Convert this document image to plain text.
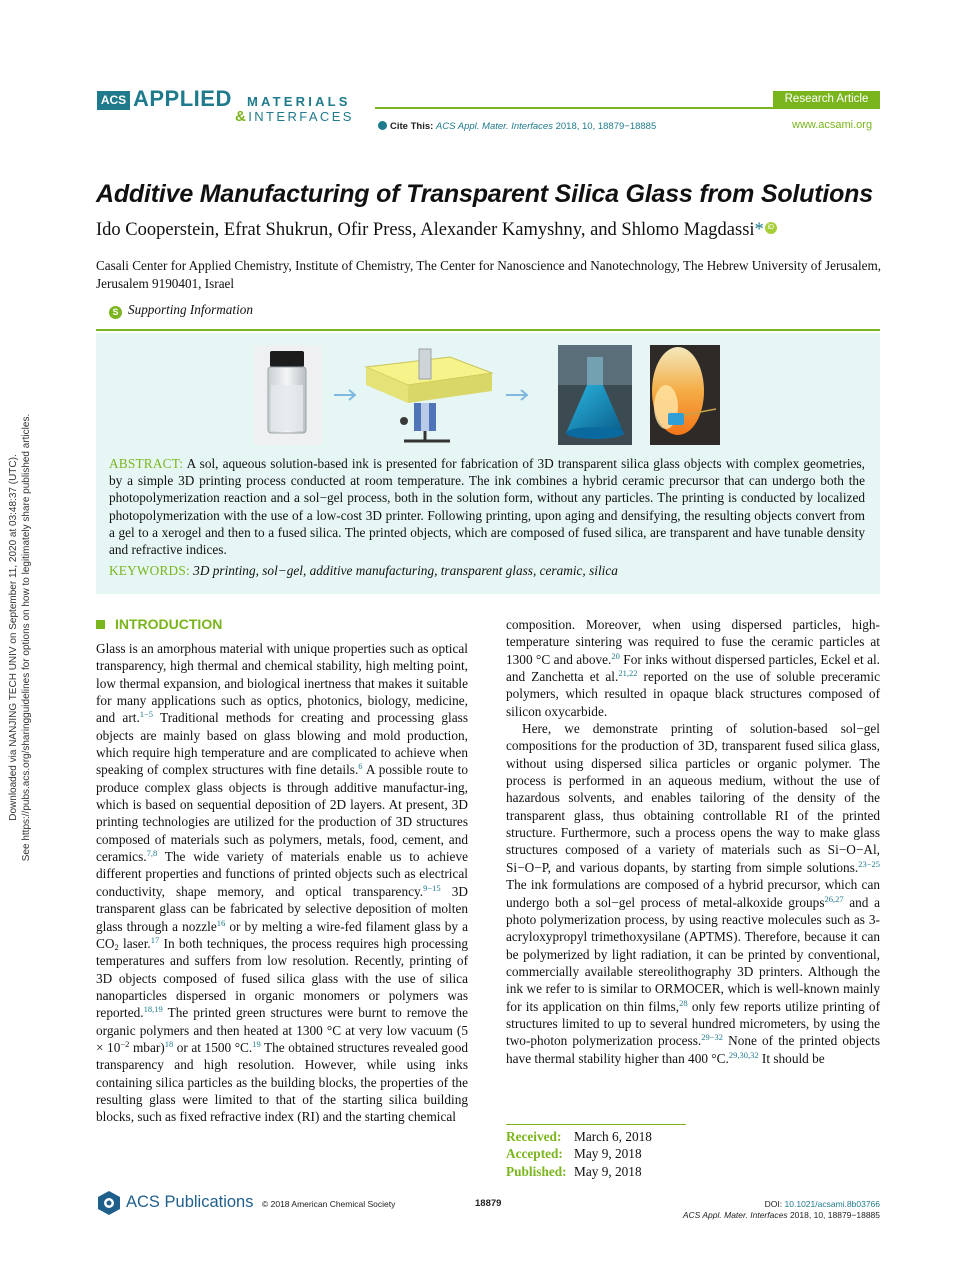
ACS APPLIED MATERIALS
&INTERFACES
Research Article
Cite This: ACS Appl. Mater. Interfaces 2018, 10, 18879−18885	www.acsami.org
Additive Manufacturing of Transparent Silica Glass from Solutions
Ido Cooperstein, Efrat Shukrun, Ofir Press, Alexander Kamyshny, and Shlomo Magdassi* iD
Casali Center for Applied Chemistry, Institute of Chemistry, The Center for Nanoscience and Nanotechnology, The Hebrew University of Jerusalem, Jerusalem 9190401, Israel
S Supporting Information
ABSTRACT: A sol, aqueous solution-based ink is presented for fabrication of 3D transparent silica glass objects with complex geometries, by a simple 3D printing process conducted at room temperature. The ink combines a hybrid ceramic precursor that can undergo both the photopolymerization reaction and a sol−gel process, both in the solution form, without any particles. The printing is conducted by localized photopolymerization with the use of a low-cost 3D printer. Following printing, upon aging and densifying, the resulting objects convert from a gel to a xerogel and then to a fused silica. The printed objects, which are composed of fused silica, are transparent and have tunable density and refractive indices.
KEYWORDS: 3D printing, sol−gel, additive manufacturing, transparent glass, ceramic, silica
INTRODUCTION
Glass is an amorphous material with unique properties such as optical transparency, high thermal and chemical stability, high melting point, low thermal expansion, and biological inertness that makes it suitable for many applications such as optics, photonics, biology, medicine, and art.$^{1-5}$ Traditional methods for creating and processing glass objects are mainly based on glass blowing and mold production, which require high temperature and are complicated to achieve when speaking of complex structures with fine details.$^6$ A possible route to produce complex glass objects is through additive manufactur-ing, which is based on sequential deposition of 2D layers. At present, 3D printing technologies are utilized for the production of 3D structures composed of materials such as polymers, metals, food, cement, and ceramics.$^{7,8}$ The wide variety of materials enable us to achieve different properties and functions of printed objects such as electrical conductivity, shape memory, and optical transparency.$^{9-15}$ 3D transparent glass can be fabricated by selective deposition of molten glass through a nozzle$^{16}$ or by melting a wire-fed filament glass by a $CO_2$ laser.$^{17}$ In both techniques, the process requires high processing temperatures and suffers from low resolution. Recently, printing of 3D objects composed of fused silica glass with the use of silica nanoparticles dispersed in organic monomers or polymers was reported.$^{18,19}$ The printed green structures were burnt to remove the organic polymers and then heated at 1300 °C at very low vacuum ($5 \times 10^{-2}$ mbar)$^{18}$ or at 1500 °C.$^{19}$ The obtained structures revealed good transparency and high resolution. However, while using inks containing silica particles as the building blocks, the properties of the resulting glass were limited to that of the starting silica building blocks, such as fixed refractive index (RI) and the starting chemical

composition. Moreover, when using dispersed particles, high-temperature sintering was required to fuse the ceramic particles at 1300 °C and above.$^{20}$ For inks without dispersed particles, Eckel et al. and Zanchetta et al.$^{21,22}$ reported on the use of soluble preceramic polymers, which resulted in opaque black structures composed of silicon oxycarbide.

Here, we demonstrate printing of solution-based sol−gel compositions for the production of 3D, transparent fused silica glass, without using dispersed silica particles or organic polymer. The process is performed in an aqueous medium, without the use of hazardous solvents, and enables tailoring of the density of the transparent glass, thus obtaining controllable RI of the printed structure. Furthermore, such a process opens the way to make glass structures composed of a variety of materials such as Si−O−Al, Si−O−P, and various dopants, by starting from simple solutions.$^{23-25}$ The ink formulations are composed of a hybrid precursor, which can undergo both a sol−gel process of metal-alkoxide groups$^{26,27}$ and a photo polymerization process, by using reactive molecules such as 3-acryloxypropyl trimethoxysilane (APTMS). Therefore, because it can be polymerized by light radiation, it can be printed by conventional, commercially available stereolithography 3D printers. Although the ink we refer to is similar to ORMOCER, which is well-known mainly for its application on thin films,$^{28}$ only few reports utilize printing of structures limited to up to several hundred micrometers, by using the two-photon polymerization process.$^{29-32}$ None of the printed objects have thermal stability higher than 400 °C.$^{29,30,32}$ It should be

Received: March 6, 2018
Accepted: May 9, 2018
Published: May 9, 2018
Downloaded via NANJING TECH UNIV on September 11, 2020 at 03:48:37 (UTC). See https://pubs.acs.org/sharingguidelines for options on how to legitimately share published articles.
ACS Publications © 2018 American Chemical Society	18879	DOI: 10.1021/acsami.8b03766
ACS Appl. Mater. Interfaces 2018, 10, 18879−18885
